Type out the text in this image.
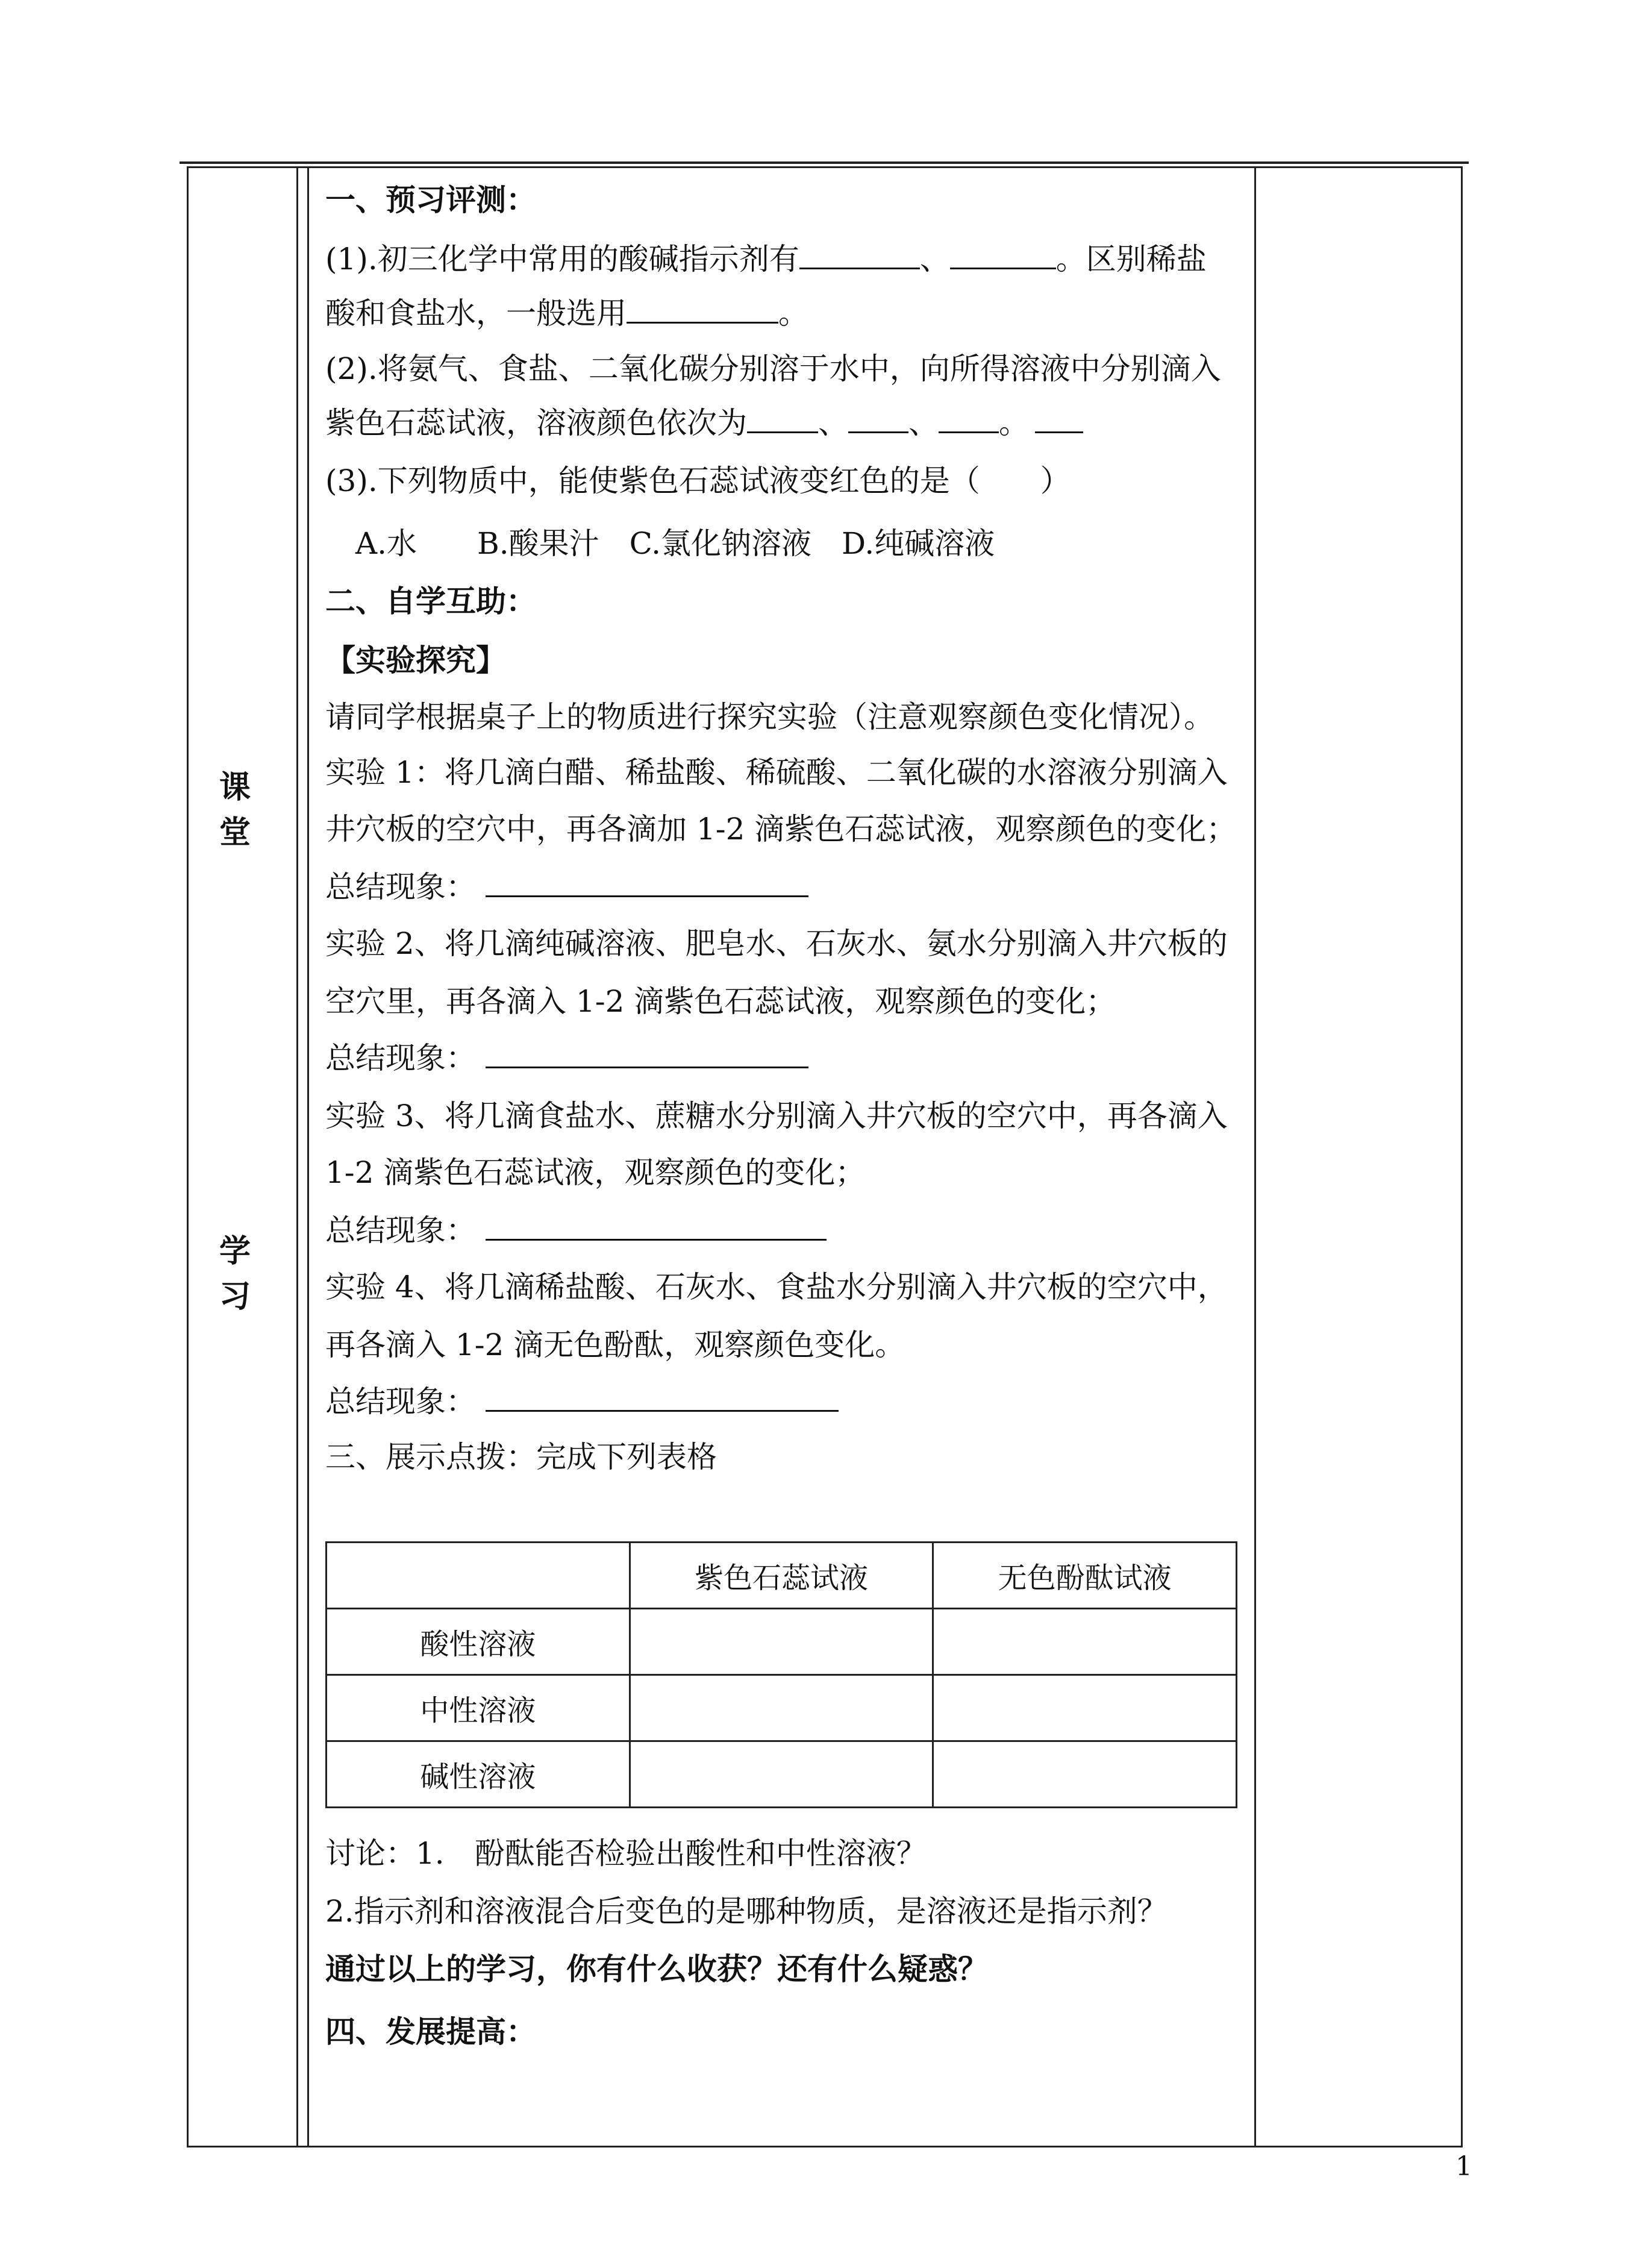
课 堂
学 习
一、预习评测：
(1).初三化学中常用的酸碱指示剂有	、	。区别稀盐
酸和食盐水，一般选用	。
(2).将氨气、食盐、二氧化碳分别溶于水中，向所得溶液中分别滴入
紫色石蕊试液，溶液颜色依次为 、 、 。
(3).下列物质中，能使紫色石蕊试液变红色的是（　　）
A.水　　B.酸果汁　C.氯化钠溶液　D.纯碱溶液
二、自学互助：
【实验探究】
请同学根据桌子上的物质进行探究实验（注意观察颜色变化情况）。
实验 1：将几滴白醋、稀盐酸、稀硫酸、二氧化碳的水溶液分别滴入
井穴板的空穴中，再各滴加 1-2 滴紫色石蕊试液，观察颜色的变化；
总结现象：
实验 2、将几滴纯碱溶液、肥皂水、石灰水、氨水分别滴入井穴板的
空穴里，再各滴入 1-2 滴紫色石蕊试液，观察颜色的变化；
总结现象：
实验 3、将几滴食盐水、蔗糖水分别滴入井穴板的空穴中，再各滴入
1-2 滴紫色石蕊试液，观察颜色的变化；
总结现象：
实验 4、将几滴稀盐酸、石灰水、食盐水分别滴入井穴板的空穴中，
再各滴入 1-2 滴无色酚酞，观察颜色变化。
总结现象：
三、展示点拨：完成下列表格
	紫色石蕊试液	无色酚酞试液
酸性溶液		
中性溶液		
碱性溶液		
讨论：1.　酚酞能否检验出酸性和中性溶液？
2.指示剂和溶液混合后变色的是哪种物质，是溶液还是指示剂？
通过以上的学习，你有什么收获？还有什么疑惑？
四、发展提高：
1
